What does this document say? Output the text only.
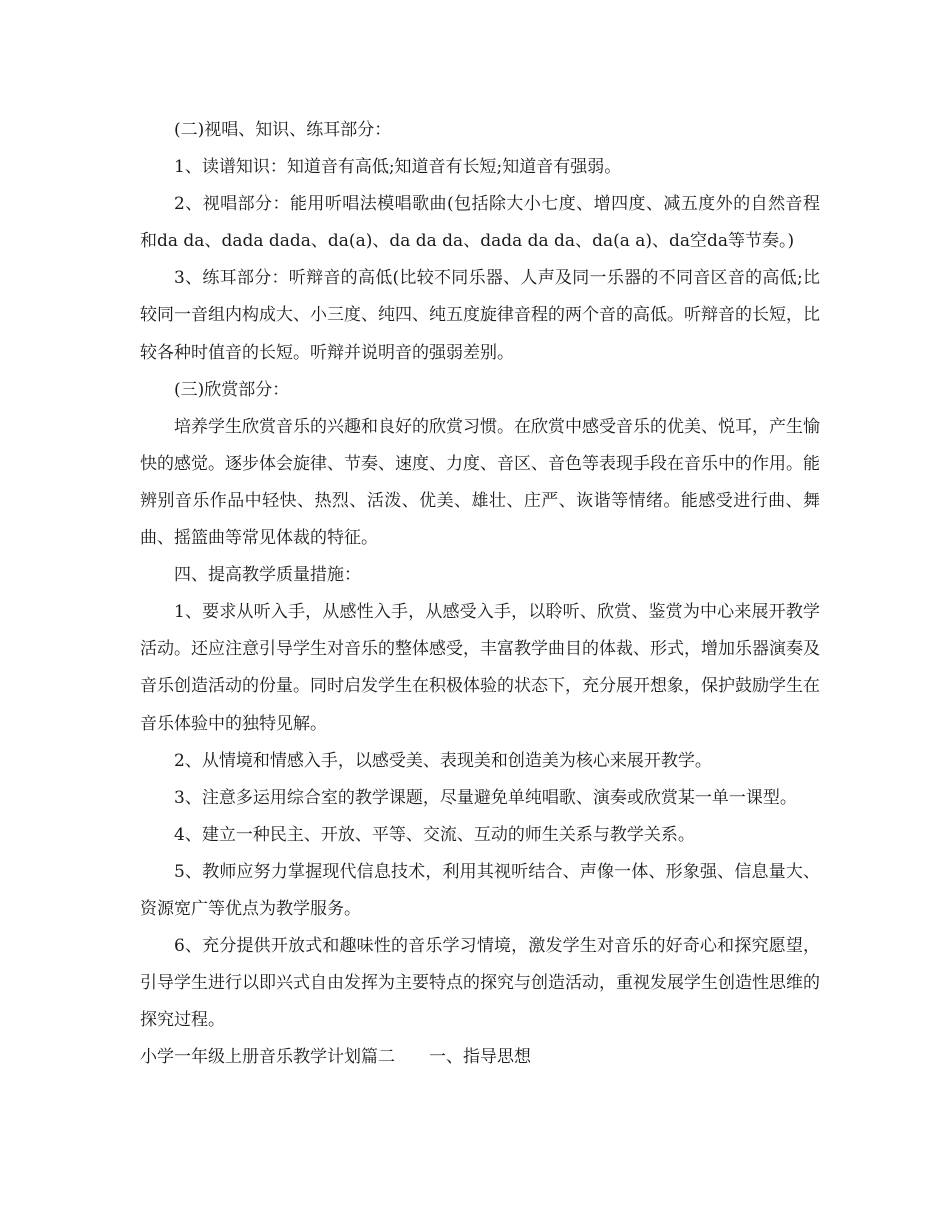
(二)视唱、知识、练耳部分：

1、读谱知识：知道音有高低;知道音有长短;知道音有强弱。

2、视唱部分：能用听唱法模唱歌曲(包括除大小七度、增四度、减五度外的自然音程和da da、dada dada、da(a)、da da da、dada da da、da(a a)、da空da等节奏。)

3、练耳部分：听辩音的高低(比较不同乐器、人声及同一乐器的不同音区音的高低;比较同一音组内构成大、小三度、纯四、纯五度旋律音程的两个音的高低。听辩音的长短，比较各种时值音的长短。听辩并说明音的强弱差别。

(三)欣赏部分：

培养学生欣赏音乐的兴趣和良好的欣赏习惯。在欣赏中感受音乐的优美、悦耳，产生愉快的感觉。逐步体会旋律、节奏、速度、力度、音区、音色等表现手段在音乐中的作用。能辨别音乐作品中轻快、热烈、活泼、优美、雄壮、庄严、诙谐等情绪。能感受进行曲、舞曲、摇篮曲等常见体裁的特征。

四、提高教学质量措施：

1、要求从听入手，从感性入手，从感受入手，以聆听、欣赏、鉴赏为中心来展开教学活动。还应注意引导学生对音乐的整体感受，丰富教学曲目的体裁、形式，增加乐器演奏及音乐创造活动的份量。同时启发学生在积极体验的状态下，充分展开想象，保护鼓励学生在音乐体验中的独特见解。

2、从情境和情感入手，以感受美、表现美和创造美为核心来展开教学。

3、注意多运用综合室的教学课题，尽量避免单纯唱歌、演奏或欣赏某一单一课型。

4、建立一种民主、开放、平等、交流、互动的师生关系与教学关系。

5、教师应努力掌握现代信息技术，利用其视听结合、声像一体、形象强、信息量大、资源宽广等优点为教学服务。

6、充分提供开放式和趣味性的音乐学习情境，激发学生对音乐的好奇心和探究愿望，引导学生进行以即兴式自由发挥为主要特点的探究与创造活动，重视发展学生创造性思维的探究过程。

小学一年级上册音乐教学计划篇二　　一、指导思想
